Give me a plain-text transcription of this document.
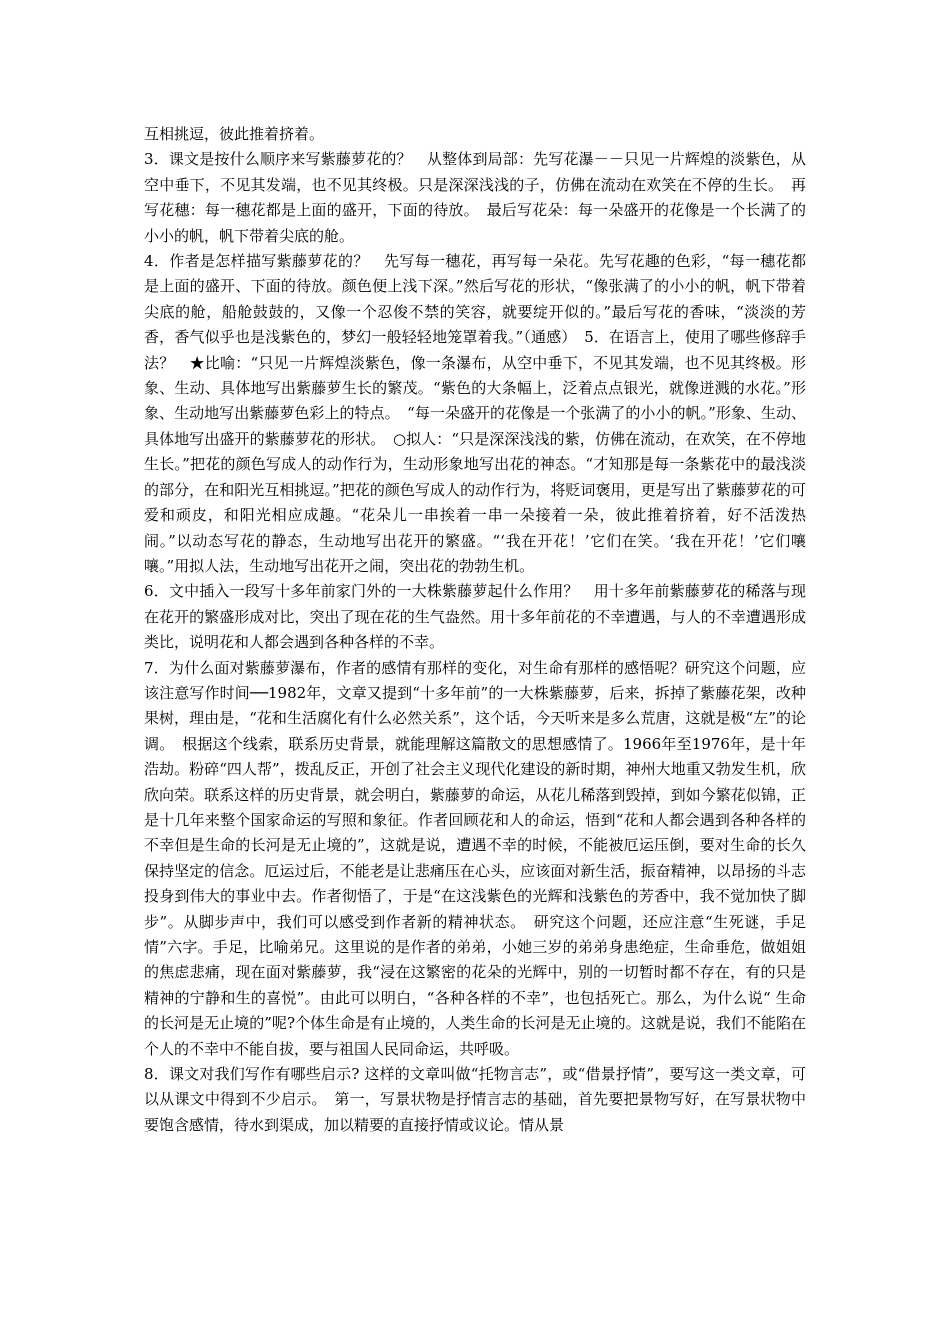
互相挑逗，彼此推着挤着。

3．课文是按什么顺序来写紫藤萝花的？　从整体到局部：先写花瀑－－只见一片辉煌的淡紫色，从空中垂下，不见其发端，也不见其终极。只是深深浅浅的子，仿佛在流动在欢笑在不停的生长。　再写花穗：每一穗花都是上面的盛开，下面的待放。　最后写花朵：每一朵盛开的花像是一个长满了的小小的帆，帆下带着尖底的舱。

4．作者是怎样描写紫藤萝花的？　先写每一穗花，再写每一朵花。先写花趣的色彩，“每一穗花都是上面的盛开、下面的待放。颜色便上浅下深。”然后写花的形状，“像张满了的小小的帆，帆下带着尖底的舱，船舱鼓鼓的，又像一个忍俊不禁的笑容，就要绽开似的。”最后写花的香味，“淡淡的芳香，香气似乎也是浅紫色的，梦幻一般轻轻地笼罩着我。”（通感）　5．在语言上，使用了哪些修辞手法？　★比喻：“只见一片辉煌淡紫色，像一条瀑布，从空中垂下，不见其发端，也不见其终极。形象、生动、具体地写出紫藤萝生长的繁茂。“紫色的大条幅上，泛着点点银光，就像迸溅的水花。”形象、生动地写出紫藤萝色彩上的特点。　“每一朵盛开的花像是一个张满了的小小的帆。”形象、生动、具体地写出盛开的紫藤萝花的形状。　○拟人：“只是深深浅浅的紫，仿佛在流动，在欢笑，在不停地生长。”把花的颜色写成人的动作行为，生动形象地写出花的神态。“才知那是每一条紫花中的最浅淡的部分，在和阳光互相挑逗。”把花的颜色写成人的动作行为，将贬词褒用，更是写出了紫藤萝花的可爱和顽皮，和阳光相应成趣。“花朵儿一串挨着一串一朵接着一朵，彼此推着挤着，好不活泼热闹。”以动态写花的静态，生动地写出花开的繁盛。“‘我在开花！’它们在笑。‘我在开花！’它们嚷嚷。”用拟人法，生动地写出花开之闹，突出花的勃勃生机。

6．文中插入一段写十多年前家门外的一大株紫藤萝起什么作用？　用十多年前紫藤萝花的稀落与现在花开的繁盛形成对比，突出了现在花的生气盎然。用十多年前花的不幸遭遇，与人的不幸遭遇形成类比，说明花和人都会遇到各种各样的不幸。

7．为什么面对紫藤萝瀑布，作者的感情有那样的变化，对生命有那样的感悟呢？研究这个问题，应该注意写作时间──1982年，文章又提到“十多年前”的一大株紫藤萝，后来，拆掉了紫藤花架，改种果树，理由是，“花和生活腐化有什么必然关系”，这个话，今天听来是多么荒唐，这就是极“左”的论调。　根据这个线索，联系历史背景，就能理解这篇散文的思想感情了。1966年至1976年，是十年浩劫。粉碎“四人帮”，拨乱反正，开创了社会主义现代化建设的新时期，神州大地重又勃发生机，欣欣向荣。联系这样的历史背景，就会明白，紫藤萝的命运，从花儿稀落到毁掉，到如今繁花似锦，正是十几年来整个国家命运的写照和象征。作者回顾花和人的命运，悟到“花和人都会遇到各种各样的不幸但是生命的长河是无止境的”，这就是说，遭遇不幸的时候，不能被厄运压倒，要对生命的长久保持坚定的信念。厄运过后，不能老是让悲痛压在心头，应该面对新生活，振奋精神，以昂扬的斗志投身到伟大的事业中去。作者彻悟了，于是“在这浅紫色的光辉和浅紫色的芳香中，我不觉加快了脚步”。从脚步声中，我们可以感受到作者新的精神状态。　研究这个问题，还应注意“生死谜，手足情”六字。手足，比喻弟兄。这里说的是作者的弟弟，小她三岁的弟弟身患绝症，生命垂危，做姐姐的焦虑悲痛，现在面对紫藤萝，我“浸在这繁密的花朵的光辉中，别的一切暂时都不存在，有的只是精神的宁静和生的喜悦”。由此可以明白，“各种各样的不幸”，也包括死亡。那么，为什么说“ 生命的长河是无止境的”呢?个体生命是有止境的，人类生命的长河是无止境的。这就是说，我们不能陷在个人的不幸中不能自拔，要与祖国人民同命运，共呼吸。

8．课文对我们写作有哪些启示? 这样的文章叫做“托物言志”，或“借景抒情”，要写这一类文章，可以从课文中得到不少启示。　第一，写景状物是抒情言志的基础，首先要把景物写好，在写景状物中要饱含感情，待水到渠成，加以精要的直接抒情或议论。情从景
